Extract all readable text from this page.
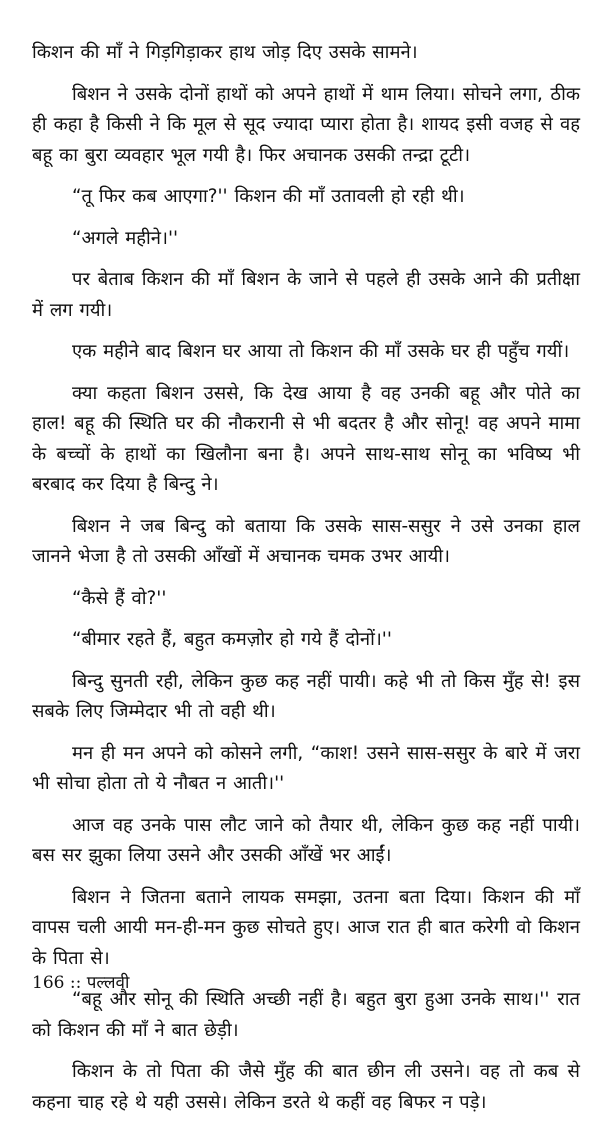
किशन की माँ ने गिड़गिड़ाकर हाथ जोड़ दिए उसके सामने।

बिशन ने उसके दोनों हाथों को अपने हाथों में थाम लिया। सोचने लगा, ठीक ही कहा है किसी ने कि मूल से सूद ज्यादा प्यारा होता है। शायद इसी वजह से वह बहू का बुरा व्यवहार भूल गयी है। फिर अचानक उसकी तन्द्रा टूटी।

“तू फिर कब आएगा?'' किशन की माँ उतावली हो रही थी।

“अगले महीने।''

पर बेताब किशन की माँ बिशन के जाने से पहले ही उसके आने की प्रतीक्षा में लग गयी।

एक महीने बाद बिशन घर आया तो किशन की माँ उसके घर ही पहुँच गयीं।

क्या कहता बिशन उससे, कि देख आया है वह उनकी बहू और पोते का हाल! बहू की स्थिति घर की नौकरानी से भी बदतर है और सोनू! वह अपने मामा के बच्चों के हाथों का खिलौना बना है। अपने साथ-साथ सोनू का भविष्य भी बरबाद कर दिया है बिन्दु ने।

बिशन ने जब बिन्दु को बताया कि उसके सास-ससुर ने उसे उनका हाल जानने भेजा है तो उसकी आँखों में अचानक चमक उभर आयी।

“कैसे हैं वो?''

“बीमार रहते हैं, बहुत कमज़ोर हो गये हैं दोनों।''

बिन्दु सुनती रही, लेकिन कुछ कह नहीं पायी। कहे भी तो किस मुँह से! इस सबके लिए जिम्मेदार भी तो वही थी।

मन ही मन अपने को कोसने लगी, “काश! उसने सास-ससुर के बारे में जरा भी सोचा होता तो ये नौबत न आती।''

आज वह उनके पास लौट जाने को तैयार थी, लेकिन कुछ कह नहीं पायी। बस सर झुका लिया उसने और उसकी आँखें भर आईं।

बिशन ने जितना बताने लायक समझा, उतना बता दिया। किशन की माँ वापस चली आयी मन-ही-मन कुछ सोचते हुए। आज रात ही बात करेगी वो किशन के पिता से।

“बहू और सोनू की स्थिति अच्छी नहीं है। बहुत बुरा हुआ उनके साथ।'' रात को किशन की माँ ने बात छेड़ी।

किशन के तो पिता की जैसे मुँह की बात छीन ली उसने। वह तो कब से कहना चाह रहे थे यही उससे। लेकिन डरते थे कहीं वह बिफर न पड़े।

166 :: पल्लवी
